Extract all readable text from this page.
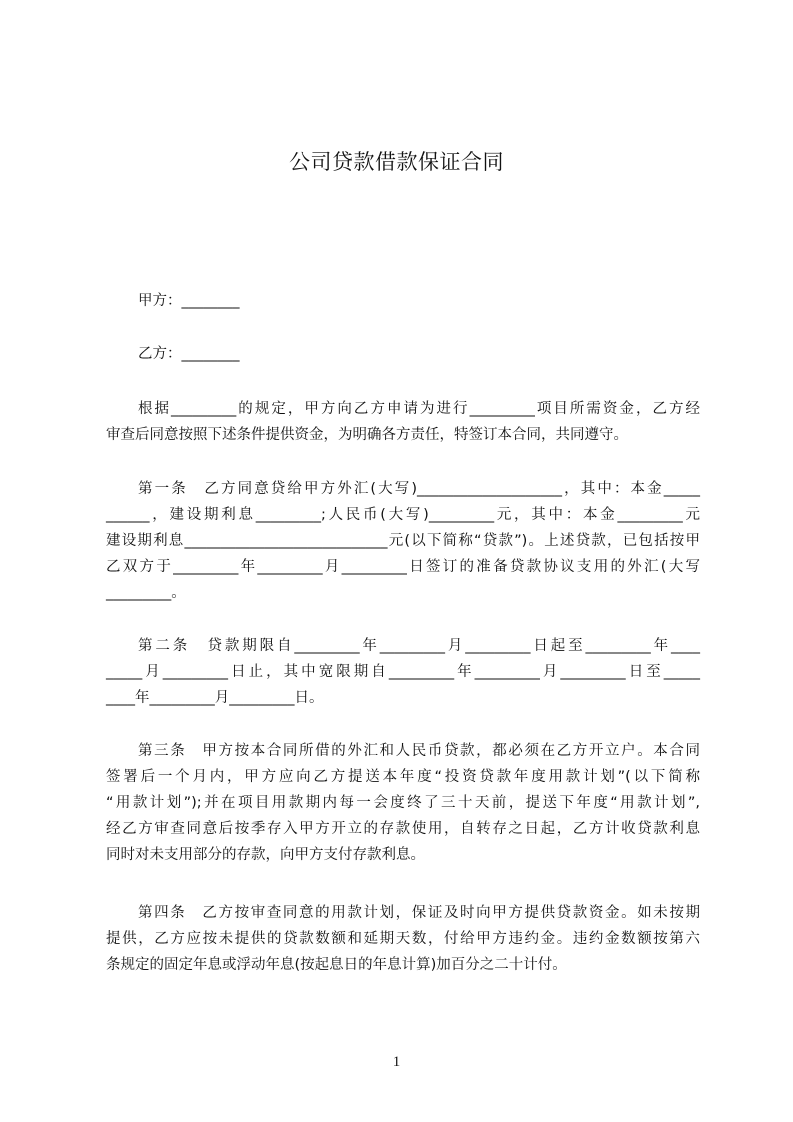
公司贷款借款保证合同
甲方：________
乙方：________
根据_________的规定，甲方向乙方申请为进行_________项目所需资金，乙方经
审查后同意按照下述条件提供资金，为明确各方责任，特签订本合同，共同遵守。
第一条　乙方同意贷给甲方外汇(大写)____________________，其中：本金_____
______，建设期利息_________;人民币(大写)_________元，其中：本金_________元
建设期利息____________________________元(以下简称“贷款”)。上述贷款，已包括按甲
乙双方于_________年_________月_________日签订的准备贷款协议支用的外汇(大写
_________。
第二条　贷款期限自_________年_________月_________日起至_________年____
_____月_________日止，其中宽限期自_________年_________月_________日至_____
____年_________月_________日。
第三条　甲方按本合同所借的外汇和人民币贷款，都必须在乙方开立户。本合同
签署后一个月内，甲方应向乙方提送本年度“投资贷款年度用款计划”(以下简称
“用款计划”);并在项目用款期内每一会度终了三十天前，提送下年度“用款计划”,
经乙方审查同意后按季存入甲方开立的存款使用，自转存之日起，乙方计收贷款利息
同时对未支用部分的存款，向甲方支付存款利息。
第四条　乙方按审查同意的用款计划，保证及时向甲方提供贷款资金。如未按期
提供，乙方应按未提供的贷款数额和延期天数，付给甲方违约金。违约金数额按第六
条规定的固定年息或浮动年息(按起息日的年息计算)加百分之二十计付。
1
